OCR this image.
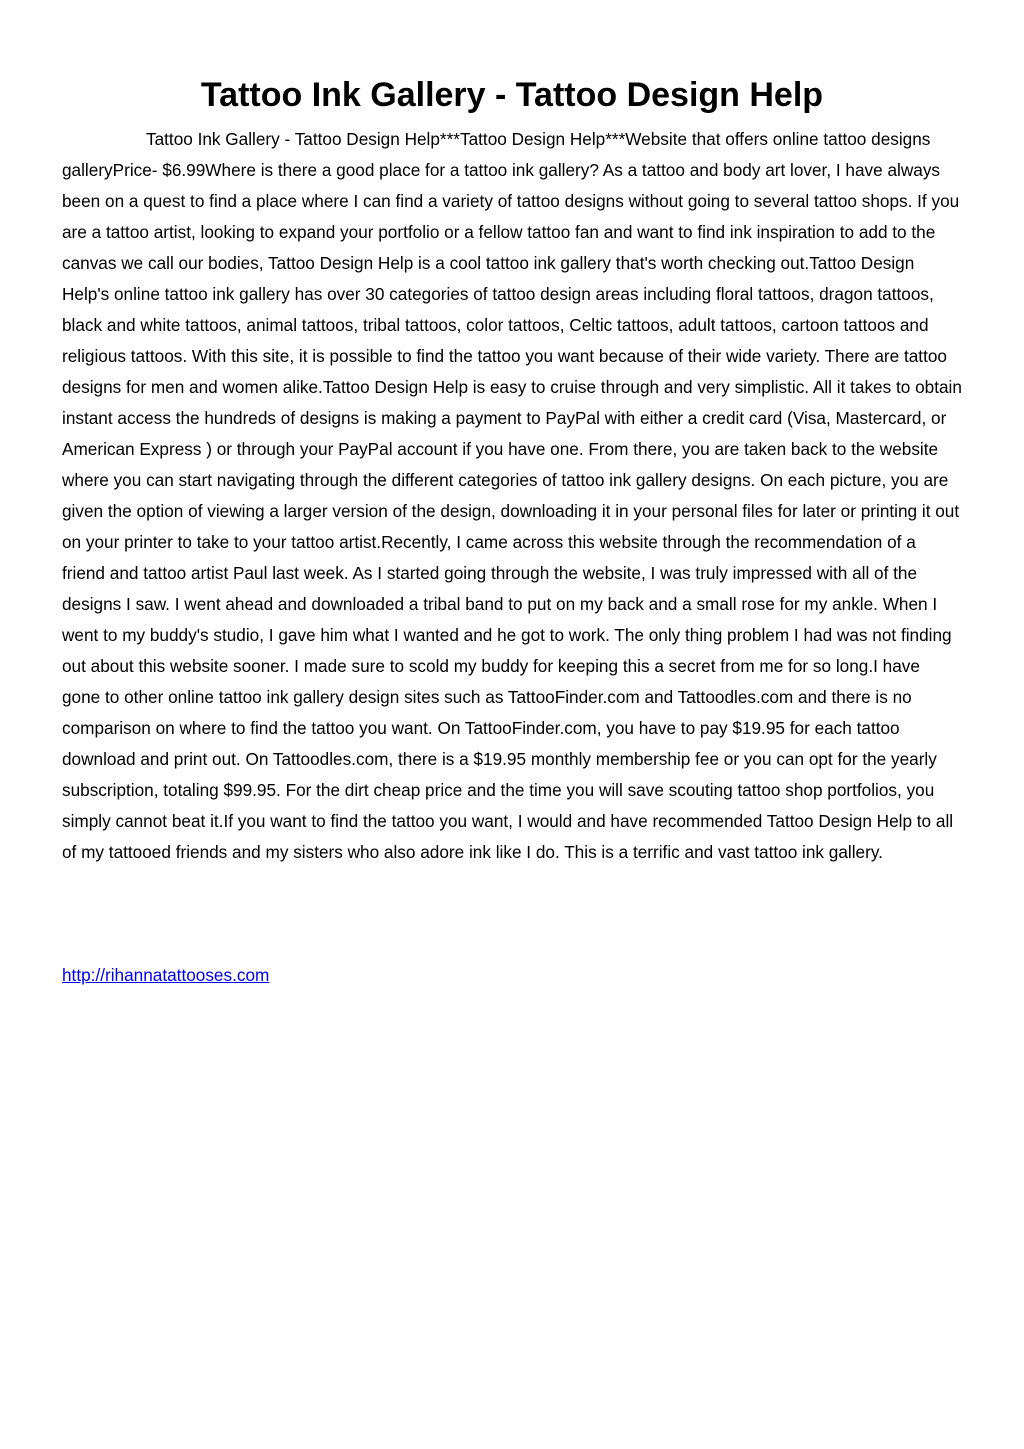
Tattoo Ink Gallery - Tattoo Design Help

Tattoo Ink Gallery - Tattoo Design Help***Tattoo Design Help***Website that offers online tattoo designs galleryPrice- $6.99Where is there a good place for a tattoo ink gallery? As a tattoo and body art lover, I have always been on a quest to find a place where I can find a variety of tattoo designs without going to several tattoo shops. If you are a tattoo artist, looking to expand your portfolio or a fellow tattoo fan and want to find ink inspiration to add to the canvas we call our bodies, Tattoo Design Help is a cool tattoo ink gallery that's worth checking out.Tattoo Design Help's online tattoo ink gallery has over 30 categories of tattoo design areas including floral tattoos, dragon tattoos, black and white tattoos, animal tattoos, tribal tattoos, color tattoos, Celtic tattoos, adult tattoos, cartoon tattoos and religious tattoos. With this site, it is possible to find the tattoo you want because of their wide variety. There are tattoo designs for men and women alike.Tattoo Design Help is easy to cruise through and very simplistic. All it takes to obtain instant access the hundreds of designs is making a payment to PayPal with either a credit card (Visa, Mastercard, or American Express ) or through your PayPal account if you have one. From there, you are taken back to the website where you can start navigating through the different categories of tattoo ink gallery designs. On each picture, you are given the option of viewing a larger version of the design, downloading it in your personal files for later or printing it out on your printer to take to your tattoo artist.Recently, I came across this website through the recommendation of a friend and tattoo artist Paul last week. As I started going through the website, I was truly impressed with all of the designs I saw. I went ahead and downloaded a tribal band to put on my back and a small rose for my ankle. When I went to my buddy's studio, I gave him what I wanted and he got to work. The only thing problem I had was not finding out about this website sooner. I made sure to scold my buddy for keeping this a secret from me for so long.I have gone to other online tattoo ink gallery design sites such as TattooFinder.com and Tattoodles.com and there is no comparison on where to find the tattoo you want. On TattooFinder.com, you have to pay $19.95 for each tattoo download and print out. On Tattoodles.com, there is a $19.95 monthly membership fee or you can opt for the yearly subscription, totaling $99.95. For the dirt cheap price and the time you will save scouting tattoo shop portfolios, you simply cannot beat it.If you want to find the tattoo you want, I would and have recommended Tattoo Design Help to all of my tattooed friends and my sisters who also adore ink like I do. This is a terrific and vast tattoo ink gallery.

http://rihannatattooses.com
